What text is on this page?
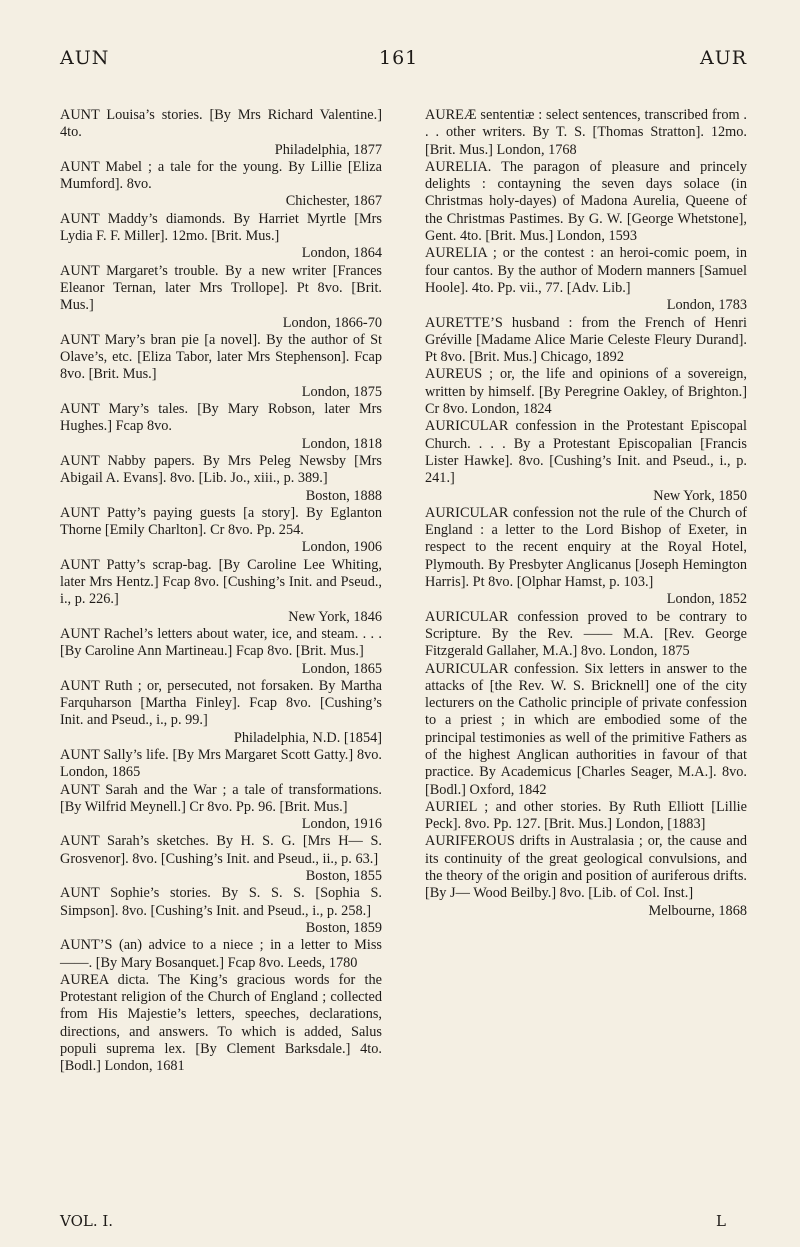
AUN	161	AUR

AUNT Louisa’s stories. [By Mrs Richard Valentine.] 4to.

Philadelphia, 1877

AUNT Mabel ; a tale for the young. By Lillie [Eliza Mumford]. 8vo.

Chichester, 1867

AUNT Maddy’s diamonds. By Harriet Myrtle [Mrs Lydia F. F. Miller]. 12mo. [Brit. Mus.]

London, 1864

AUNT Margaret’s trouble. By a new writer [Frances Eleanor Ternan, later Mrs Trollope]. Pt 8vo. [Brit. Mus.]

London, 1866-70

AUNT Mary’s bran pie [a novel]. By the author of St Olave’s, etc. [Eliza Tabor, later Mrs Stephenson]. Fcap 8vo. [Brit. Mus.]

London, 1875

AUNT Mary’s tales. [By Mary Robson, later Mrs Hughes.] Fcap 8vo.

London, 1818

AUNT Nabby papers. By Mrs Peleg Newsby [Mrs Abigail A. Evans]. 8vo. [Lib. Jo., xiii., p. 389.]

Boston, 1888

AUNT Patty’s paying guests [a story]. By Eglanton Thorne [Emily Charlton]. Cr 8vo. Pp. 254.

London, 1906

AUNT Patty’s scrap-bag. [By Caroline Lee Whiting, later Mrs Hentz.] Fcap 8vo. [Cushing’s Init. and Pseud., i., p. 226.]

New York, 1846

AUNT Rachel’s letters about water, ice, and steam. . . . [By Caroline Ann Martineau.] Fcap 8vo. [Brit. Mus.]

London, 1865

AUNT Ruth ; or, persecuted, not forsaken. By Martha Farquharson [Martha Finley]. Fcap 8vo. [Cushing’s Init. and Pseud., i., p. 99.]

Philadelphia, N.D. [1854]

AUNT Sally’s life. [By Mrs Margaret Scott Gatty.] 8vo. London, 1865

AUNT Sarah and the War ; a tale of transformations. [By Wilfrid Meynell.] Cr 8vo. Pp. 96. [Brit. Mus.]

London, 1916

AUNT Sarah’s sketches. By H. S. G. [Mrs H— S. Grosvenor]. 8vo. [Cushing’s Init. and Pseud., ii., p. 63.]

Boston, 1855

AUNT Sophie’s stories. By S. S. S. [Sophia S. Simpson]. 8vo. [Cushing’s Init. and Pseud., i., p. 258.]

Boston, 1859

AUNT’S (an) advice to a niece ; in a letter to Miss ——. [By Mary Bosanquet.] Fcap 8vo. Leeds, 1780

AUREA dicta. The King’s gracious words for the Protestant religion of the Church of England ; collected from His Majestie’s letters, speeches, declarations, directions, and answers. To which is added, Salus populi suprema lex. [By Clement Barksdale.] 4to. [Bodl.] London, 1681

AUREÆ sententiæ : select sentences, transcribed from . . . other writers. By T. S. [Thomas Stratton]. 12mo. [Brit. Mus.] London, 1768

AURELIA. The paragon of pleasure and princely delights : contayning the seven days solace (in Christmas holy-dayes) of Madona Aurelia, Queene of the Christmas Pastimes. By G. W. [George Whetstone], Gent. 4to. [Brit. Mus.] London, 1593

AURELIA ; or the contest : an heroi-comic poem, in four cantos. By the author of Modern manners [Samuel Hoole]. 4to. Pp. vii., 77. [Adv. Lib.]

London, 1783

AURETTE’S husband : from the French of Henri Gréville [Madame Alice Marie Celeste Fleury Durand]. Pt 8vo. [Brit. Mus.] Chicago, 1892

AUREUS ; or, the life and opinions of a sovereign, written by himself. [By Peregrine Oakley, of Brighton.] Cr 8vo. London, 1824

AURICULAR confession in the Protestant Episcopal Church. . . . By a Protestant Episcopalian [Francis Lister Hawke]. 8vo. [Cushing’s Init. and Pseud., i., p. 241.]

New York, 1850

AURICULAR confession not the rule of the Church of England : a letter to the Lord Bishop of Exeter, in respect to the recent enquiry at the Royal Hotel, Plymouth. By Presbyter Anglicanus [Joseph Hemington Harris]. Pt 8vo. [Olphar Hamst, p. 103.]

London, 1852

AURICULAR confession proved to be contrary to Scripture. By the Rev. —— M.A. [Rev. George Fitzgerald Gallaher, M.A.] 8vo. London, 1875

AURICULAR confession. Six letters in answer to the attacks of [the Rev. W. S. Bricknell] one of the city lecturers on the Catholic principle of private confession to a priest ; in which are embodied some of the principal testimonies as well of the primitive Fathers as of the highest Anglican authorities in favour of that practice. By Academicus [Charles Seager, M.A.]. 8vo. [Bodl.] Oxford, 1842

AURIEL ; and other stories. By Ruth Elliott [Lillie Peck]. 8vo. Pp. 127. [Brit. Mus.] London, [1883]

AURIFEROUS drifts in Australasia ; or, the cause and its continuity of the great geological convulsions, and the theory of the origin and position of auriferous drifts. [By J— Wood Beilby.] 8vo. [Lib. of Col. Inst.]

Melbourne, 1868

VOL. I.	L
